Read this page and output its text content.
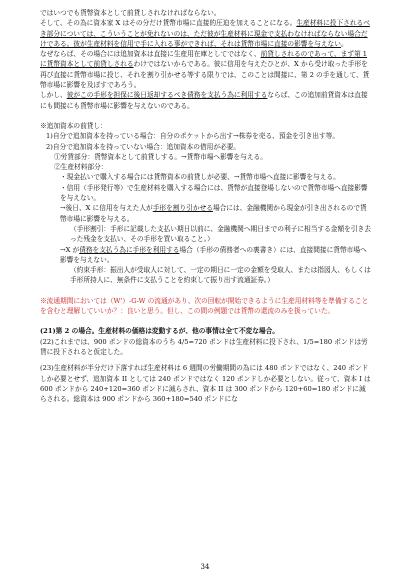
ではいつでも貨幣資本として前貸しされなければならない。

そして、その為に資本家 X はその分だけ貨幣市場に直接的圧迫を加えることになる。生産材料に投下されるべき部分については、こういうことが免れないのは、ただ彼が生産材料に現金で支払わなければならない場合だけである。彼が生産材料を信用で手に入れる事ができれば、それは貨幣市場に直接の影響を与えない。

なぜならば、その場合には追加資本は直接に生産用在庫としてではなく、前貸しされるのであって、まず第 1 に貨幣資本として前貸しされるわけではないからである。彼に信用を与えたひとが、X から受け取った手形を再び直接に貨幣市場に投じ、それを割り引かせる等する限りでは、このことは間接に、第 2 の手を通して、貨幣市場に影響を及ぼすであろう。

しかし、彼がこの手形を担保に後日返却するべき債務を支払う為に利用するならば、この追加前貸資本は直接にも間接にも貨幣市場に影響を与えないのである。

※追加資本の前貸し：

1)自分で追加資本を持っている場合：自分のポケットから出す→株券を売る、預金を引き出す等。

2)自分で追加資本を持っていない場合：追加資本の借用が必要。

①労賃部分：貨幣資本として前貸しする。→貨幣市場へ影響を与える。

②生産材料部分：

・現金払いで購入する場合には貨幣資本の前貸しが必要、→貨幣市場へ直接に影響を与える。

・信用（手形発行等）で生産材料を購入する場合には、貨幣が直接登場しないので貨幣市場へ直接影響を与えない。

→後日、X に信用を与えた人が手形を割り引かせる場合には、金融機関から現金が引き出されるので貨幣市場に影響を与える。

（手形割引：手形に記載した支払い期日以前に、金融機関へ期日までの利子に相当する金額を引き去った残金を支払い、その手形を買い取ること。）

→X が債務を支払う為に手形を利用する場合（手形の債務者への裏書き）には、直接間接に貨幣市場へ影響を与えない。

（約束手形：振出人が受取人に対して、一定の期日に一定の金額を受取人、または指図人、もしくは手形所持人に、無条件に支払うことを約束して振り出す流通証券。）

※流通期間においては（W'）-G-W の流通があり、次の回転が開始できるように生産用材料等を準備することを含むと理解していいか？：良いと思う。但し、この間の例題では貨幣の還流のみを扱っていた。

(21)第 2 の場合。生産材料の価格は変動するが、他の事情は全て不変な場合。

(22)これまでは、900 ポンドの総資本のうち 4/5=720 ポンドは生産材料に投下され、1/5=180 ポンドは労賃に投下されると仮定した。

(23)生産材料が半分だけ下落すれば生産材料は 6 週間の労働期間の為には 480 ポンドではなく、240 ポンドしか必要とせず、追加資本 II としては 240 ポンドではなく 120 ポンドしか必要としない。従って、資本 I は 600 ポンドから 240+120=360 ポンドに減らされ、資本 II は 300 ポンドから 120+60=180 ポンドに減らされる。総資本は 900 ポンドから 360+180=540 ポンドにな

34
